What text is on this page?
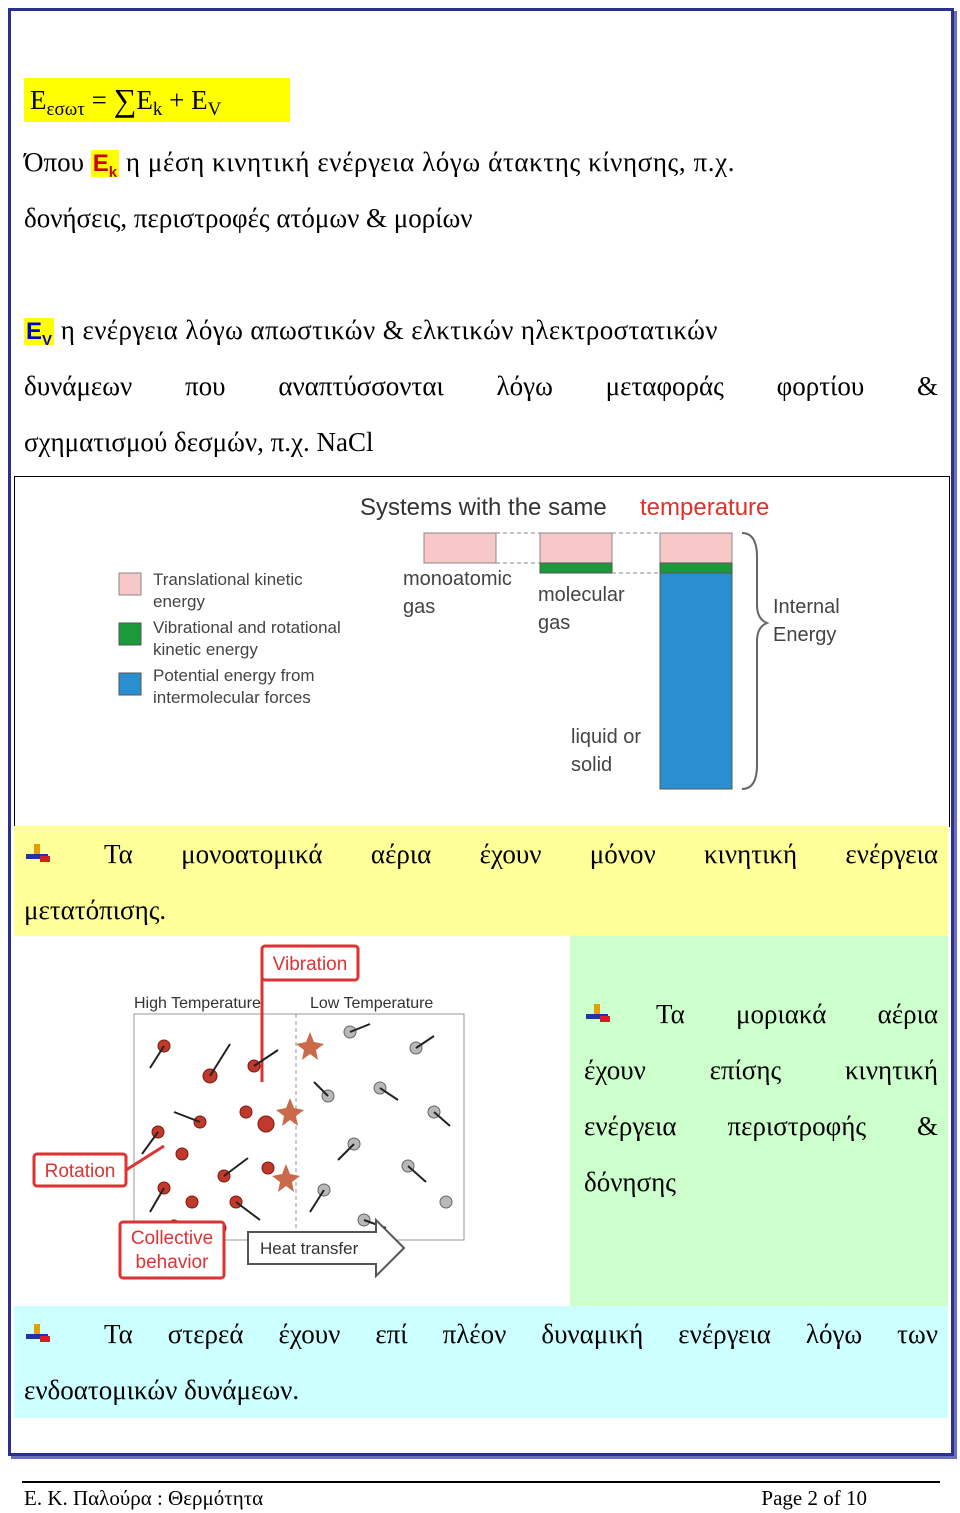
$E_{\varepsilon\sigma\omega\tau} = \sum E_k + E_V$
Όπου $E_k$ η μέση κινητική ενέργεια λόγω άτακτης κίνησης, π.χ.
δονήσεις, περιστροφές ατόμων & μορίων
$E_V$ η ενέργεια λόγω απωστικών & ελκτικών ηλεκτροστατικών
δυνάμεων που αναπτύσσονται λόγω μεταφοράς φορτίου &
σχηματισμού δεσμών, π.χ. NaCl
Systems with the same temperature
Translational kinetic
energy
Vibrational and rotational
kinetic energy
Potential energy from
intermolecular forces
monoatomic
gas
molecular
gas
liquid or
solid
Internal
Energy
Τα μονοατομικά αέρια έχουν μόνον κινητική ενέργεια
μετατόπισης.
Vibration
High Temperature	Low Temperature
Rotation
Collective
behavior
Heat transfer
Τα μοριακά αέρια
έχουν επίσης κινητική
ενέργεια περιστροφής &
δόνησης
Τα στερεά έχουν επί πλέον δυναμική ενέργεια λόγω των
ενδοατομικών δυνάμεων.
Ε. Κ. Παλούρα : Θερμότητα	Page 2 of 10
